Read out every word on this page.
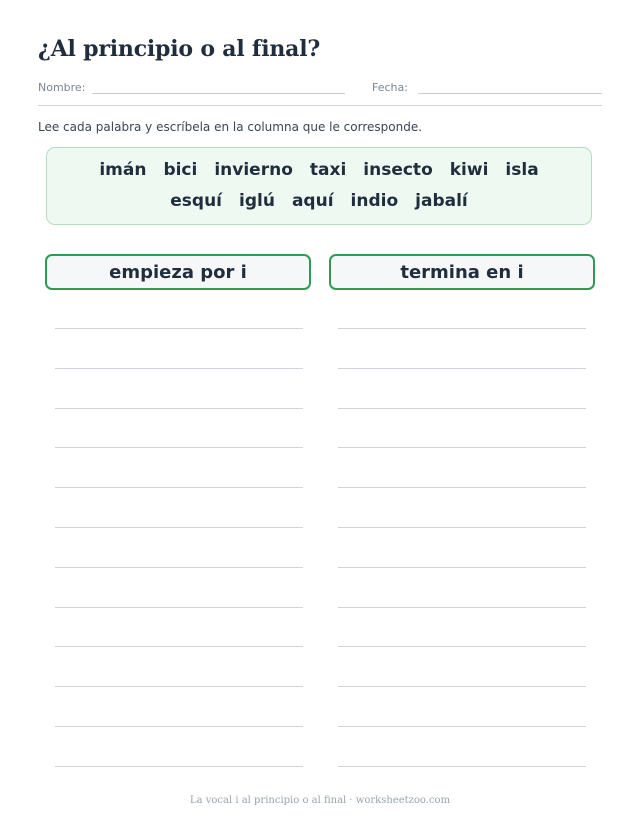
¿Al principio o al final?
Nombre:	Fecha:
Lee cada palabra y escríbela en la columna que le corresponde.
imán bici invierno taxi insecto kiwi isla
esquí iglú aquí indio jabalí
empieza por i	termina en i
La vocal i al principio o al final · worksheetzoo.com
